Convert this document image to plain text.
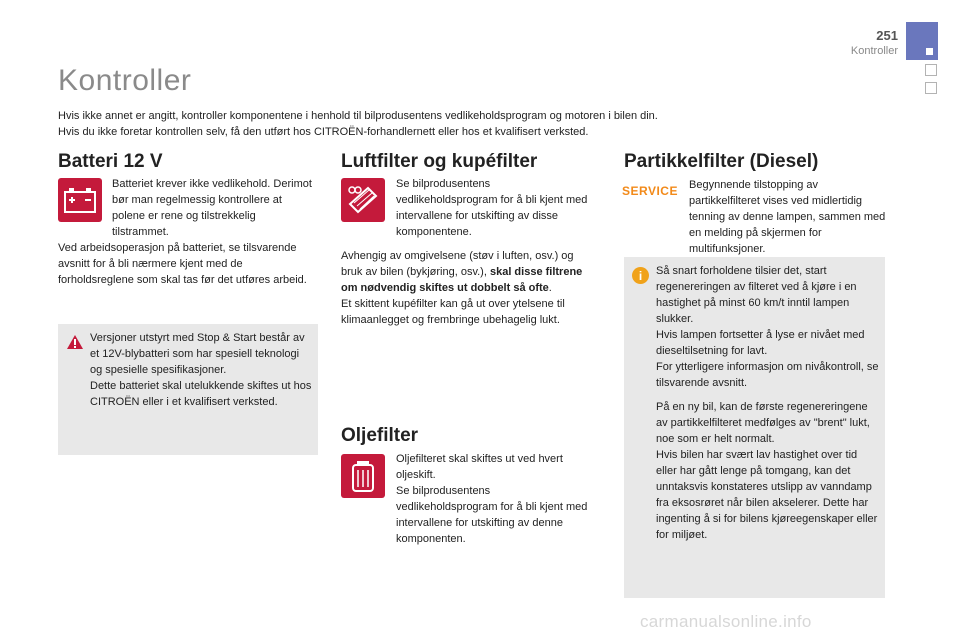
251
Kontroller
Kontroller
Hvis ikke annet er angitt, kontroller komponentene i henhold til bilprodusentens vedlikeholdsprogram og motoren i bilen din.
Hvis du ikke foretar kontrollen selv, få den utført hos CITROËN-forhandlernett eller hos et kvalifisert verksted.
Batteri 12 V
Batteriet krever ikke vedlikehold. Derimot bør man regelmessig kontrollere at polene er rene og tilstrekkelig tilstrammet.
Ved arbeidsoperasjon på batteriet, se tilsvarende avsnitt for å bli nærmere kjent med de forholdsreglene som skal tas før det utføres arbeid.
Versjoner utstyrt med Stop & Start består av et 12V-blybatteri som har spesiell teknologi og spesielle spesifikasjoner.
Dette batteriet skal utelukkende skiftes ut hos CITROËN eller i et kvalifisert verksted.
Luftfilter og kupéfilter
Se bilprodusentens vedlikeholdsprogram for å bli kjent med intervallene for utskifting av disse komponentene.
Avhengig av omgivelsene (støv i luften, osv.) og bruk av bilen (bykjøring, osv.), skal disse filtrene om nødvendig skiftes ut dobbelt så ofte.
Et skittent kupéfilter kan gå ut over ytelsene til klimaanlegget og frembringe ubehagelig lukt.
Oljefilter
Oljefilteret skal skiftes ut ved hvert oljeskift.
Se bilprodusentens vedlikeholdsprogram for å bli kjent med intervallene for utskifting av denne komponenten.
Partikkelfilter (Diesel)
SERVICE Begynnende tilstopping av partikkelfilteret vises ved midlertidig tenning av denne lampen, sammen med en melding på skjermen for multifunksjoner.
i	Så snart forholdene tilsier det, start regenereringen av filteret ved å kjøre i en hastighet på minst 60 km/t inntil lampen slukker.
Hvis lampen fortsetter å lyse er nivået med dieseltilsetning for lavt.
For ytterligere informasjon om nivåkontroll, se tilsvarende avsnitt.
På en ny bil, kan de første regenereringene av partikkelfilteret medfølges av "brent" lukt, noe som er helt normalt.
Hvis bilen har svært lav hastighet over tid eller har gått lenge på tomgang, kan det unntaksvis konstateres utslipp av vanndamp fra eksosrøret når bilen akselerer. Dette har ingenting å si for bilens kjøreegenskaper eller for miljøet.
carmanualsonline.info
